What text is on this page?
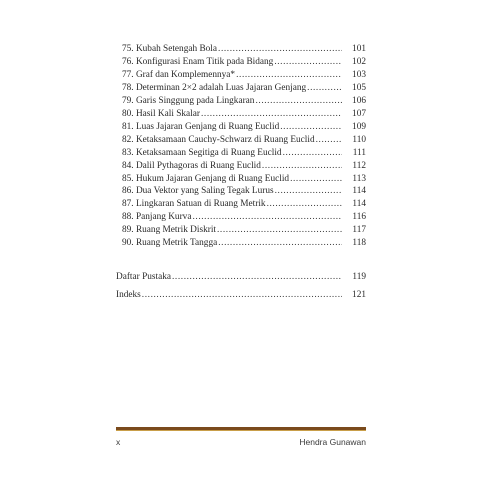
75. Kubah Setengah Bola .....	101
76. Konfigurasi Enam Titik pada Bidang .....	102
77. Graf dan Komplemennya* .....	103
78. Determinan 2×2 adalah Luas Jajaran Genjang .....	105
79. Garis Singgung pada Lingkaran .....	106
80. Hasil Kali Skalar .....	107
81. Luas Jajaran Genjang di Ruang Euclid .....	109
82. Ketaksamaan Cauchy-Schwarz di Ruang Euclid .....	110
83. Ketaksamaan Segitiga di Ruang Euclid .....	111
84. Dalil Pythagoras di Ruang Euclid .....	112
85. Hukum Jajaran Genjang di Ruang Euclid .....	113
86. Dua Vektor yang Saling Tegak Lurus .....	114
87. Lingkaran Satuan di Ruang Metrik .....	114
88. Panjang Kurva .....	116
89. Ruang Metrik Diskrit .....	117
90. Ruang Metrik Tangga .....	118
Daftar Pustaka .....	119
Indeks .....	121
x	Hendra Gunawan
